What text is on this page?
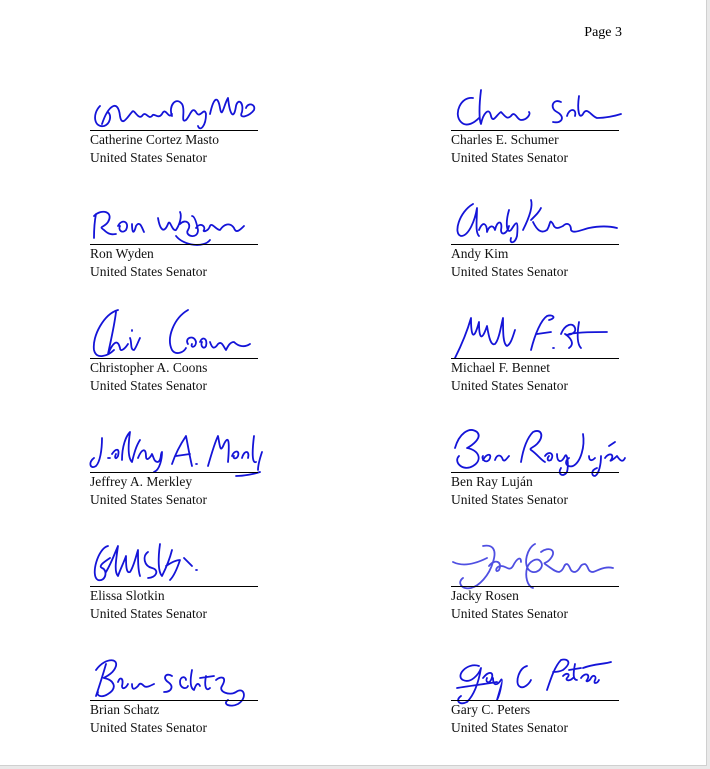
Page 3
Catherine Cortez Masto
United States Senator
Charles E. Schumer
United States Senator
Ron Wyden
United States Senator
Andy Kim
United States Senator
Christopher A. Coons
United States Senator
Michael F. Bennet
United States Senator
Jeffrey A. Merkley
United States Senator
Ben Ray Luján
United States Senator
Elissa Slotkin
United States Senator
Jacky Rosen
United States Senator
Brian Schatz
United States Senator
Gary C. Peters
United States Senator
